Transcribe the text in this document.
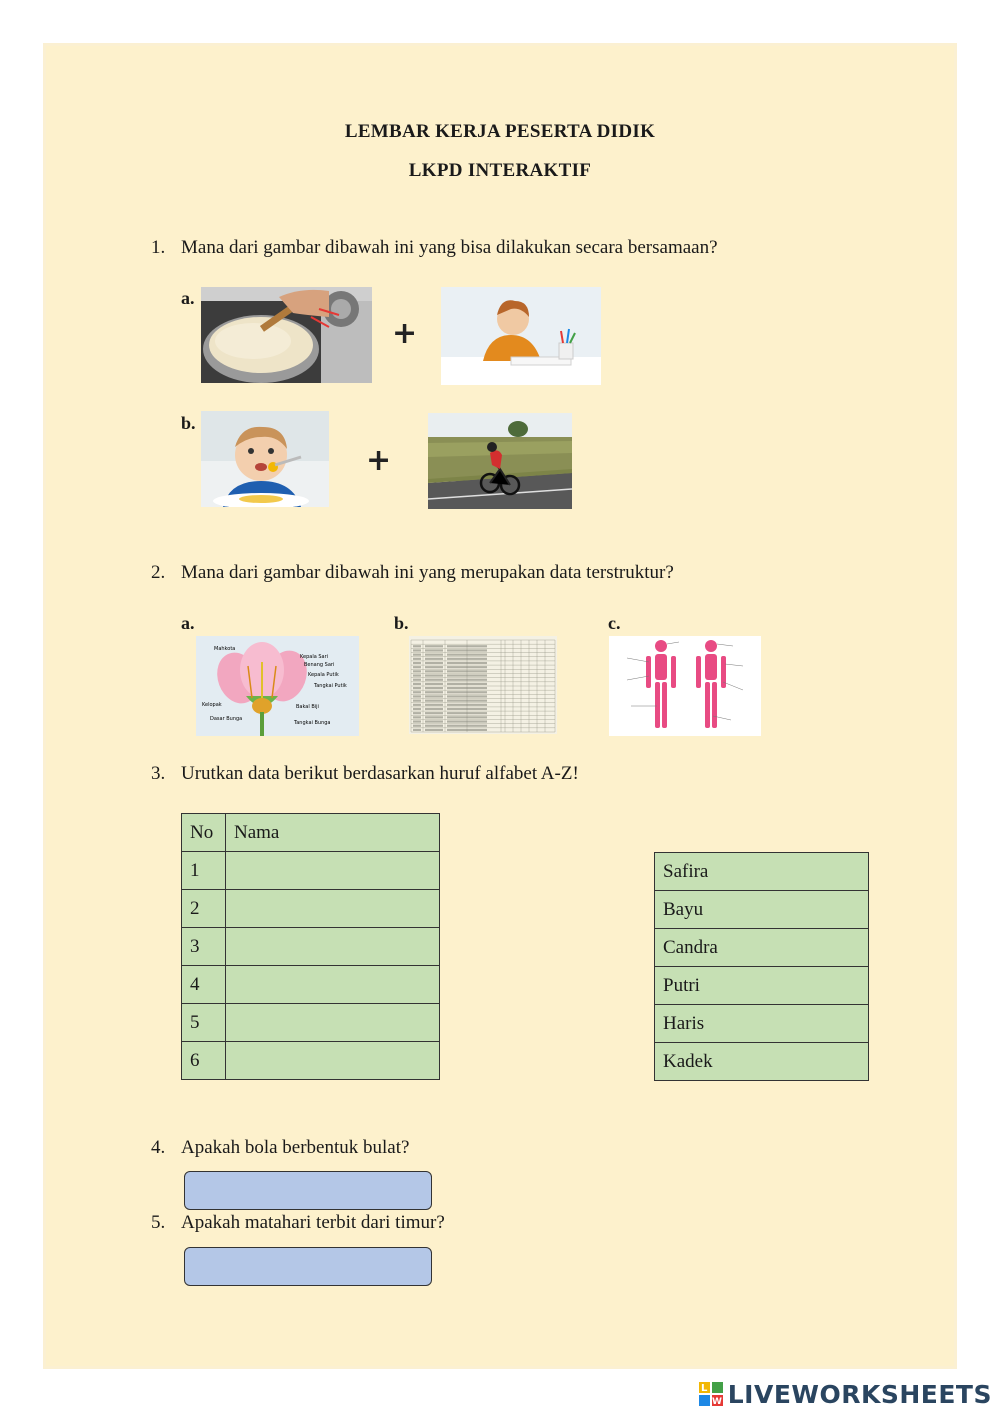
LEMBAR KERJA PESERTA DIDIK
LKPD INTERAKTIF
1. Mana dari gambar dibawah ini yang bisa dilakukan secara bersamaan?
a.
+
b.
+
2. Mana dari gambar dibawah ini yang merupakan data terstruktur?
a.	b.	c.
Mahkota
Kepala Sari
Benang Sari
Kepala Putik
Tangkai Putik
Kelopak	Bakal Biji
Dasar Bunga
Tangkai Bunga
3. Urutkan data berikut berdasarkan huruf alfabet A-Z!
No	Nama
1	
2	
3	
4	
5	
6	
Safira
Bayu
Candra
Putri
Haris
Kadek
4. Apakah bola berbentuk bulat?
5. Apakah matahari terbit dari timur?
L
W LIVEWORKSHEETS
